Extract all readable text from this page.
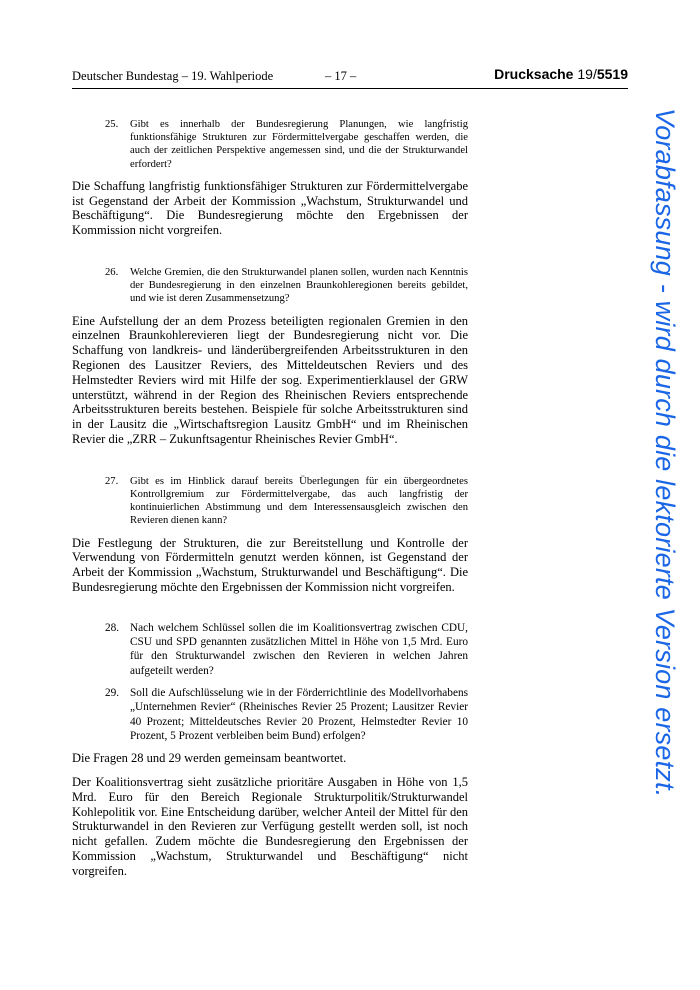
Deutscher Bundestag – 19. Wahlperiode	– 17 –	Drucksache 19/5519
25.	Gibt es innerhalb der Bundesregierung Planungen, wie langfristig funktionsfähige Strukturen zur Fördermittelvergabe geschaffen werden, die auch der zeitlichen Perspektive angemessen sind, und die der Strukturwandel erfordert?

Die Schaffung langfristig funktionsfähiger Strukturen zur Fördermittelvergabe ist Gegenstand der Arbeit der Kommission „Wachstum, Strukturwandel und Beschäftigung“. Die Bundesregierung möchte den Ergebnissen der Kommission nicht vorgreifen.

26.	Welche Gremien, die den Strukturwandel planen sollen, wurden nach Kenntnis der Bundesregierung in den einzelnen Braunkohleregionen bereits gebildet, und wie ist deren Zusammensetzung?

Eine Aufstellung der an dem Prozess beteiligten regionalen Gremien in den einzelnen Braunkohlerevieren liegt der Bundesregierung nicht vor. Die Schaffung von landkreis- und länderübergreifenden Arbeitsstrukturen in den Regionen des Lausitzer Reviers, des Mitteldeutschen Reviers und des Helmstedter Reviers wird mit Hilfe der sog. Experimentierklausel der GRW unterstützt, während in der Region des Rheinischen Reviers entsprechende Arbeitsstrukturen bereits bestehen. Beispiele für solche Arbeitsstrukturen sind in der Lausitz die „Wirtschaftsregion Lausitz GmbH“ und im Rheinischen Revier die „ZRR – Zukunftsagentur Rheinisches Revier GmbH“.

27.	Gibt es im Hinblick darauf bereits Überlegungen für ein übergeordnetes Kontrollgremium zur Fördermittelvergabe, das auch langfristig der kontinuierlichen Abstimmung und dem Interessensausgleich zwischen den Revieren dienen kann?

Die Festlegung der Strukturen, die zur Bereitstellung und Kontrolle der Verwendung von Fördermitteln genutzt werden können, ist Gegenstand der Arbeit der Kommission „Wachstum, Strukturwandel und Beschäftigung“. Die Bundesregierung möchte den Ergebnissen der Kommission nicht vorgreifen.

28. Nach welchem Schlüssel sollen die im Koalitionsvertrag zwischen CDU, CSU und SPD genannten zusätzlichen Mittel in Höhe von 1,5 Mrd. Euro für den Strukturwandel zwischen den Revieren in welchen Jahren aufgeteilt werden?
29. Soll die Aufschlüsselung wie in der Förderrichtlinie des Modellvorhabens „Unternehmen Revier“ (Rheinisches Revier 25 Prozent; Lausitzer Revier 40 Prozent; Mitteldeutsches Revier 20 Prozent, Helmstedter Revier 10 Prozent, 5 Prozent verbleiben beim Bund) erfolgen?

Die Fragen 28 und 29 werden gemeinsam beantwortet.

Der Koalitionsvertrag sieht zusätzliche prioritäre Ausgaben in Höhe von 1,5 Mrd. Euro für den Bereich Regionale Strukturpolitik/Strukturwandel Kohlepolitik vor. Eine Entscheidung darüber, welcher Anteil der Mittel für den Strukturwandel in den Revieren zur Verfügung gestellt werden soll, ist noch nicht gefallen. Zudem möchte die Bundesregierung den Ergebnissen der Kommission „Wachstum, Strukturwandel und Beschäftigung“ nicht vorgreifen.

Vorabfassung - wird durch die lektorierte Version ersetzt.
